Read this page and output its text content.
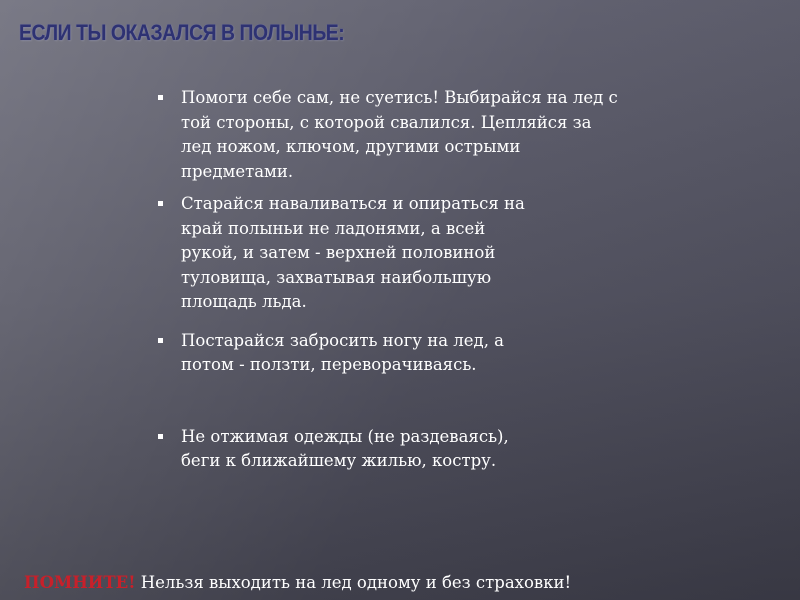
ЕСЛИ ТЫ ОКАЗАЛСЯ В ПОЛЫНЬЕ:
Помоги себе сам, не суетись! Выбирайся на лед с
той стороны, с которой свалился. Цепляйся за
лед ножом, ключом, другими острыми
предметами.
Старайся наваливаться и опираться на
край полыньи не ладонями, а всей
рукой, и затем - верхней половиной
туловища, захватывая наибольшую
площадь льда.
Постарайся забросить ногу на лед, а
потом - ползти, переворачиваясь.
Не отжимая одежды (не раздеваясь),
беги к ближайшему жилью, костру.
ПОМНИТЕ! Нельзя выходить на лед одному и без страховки!
